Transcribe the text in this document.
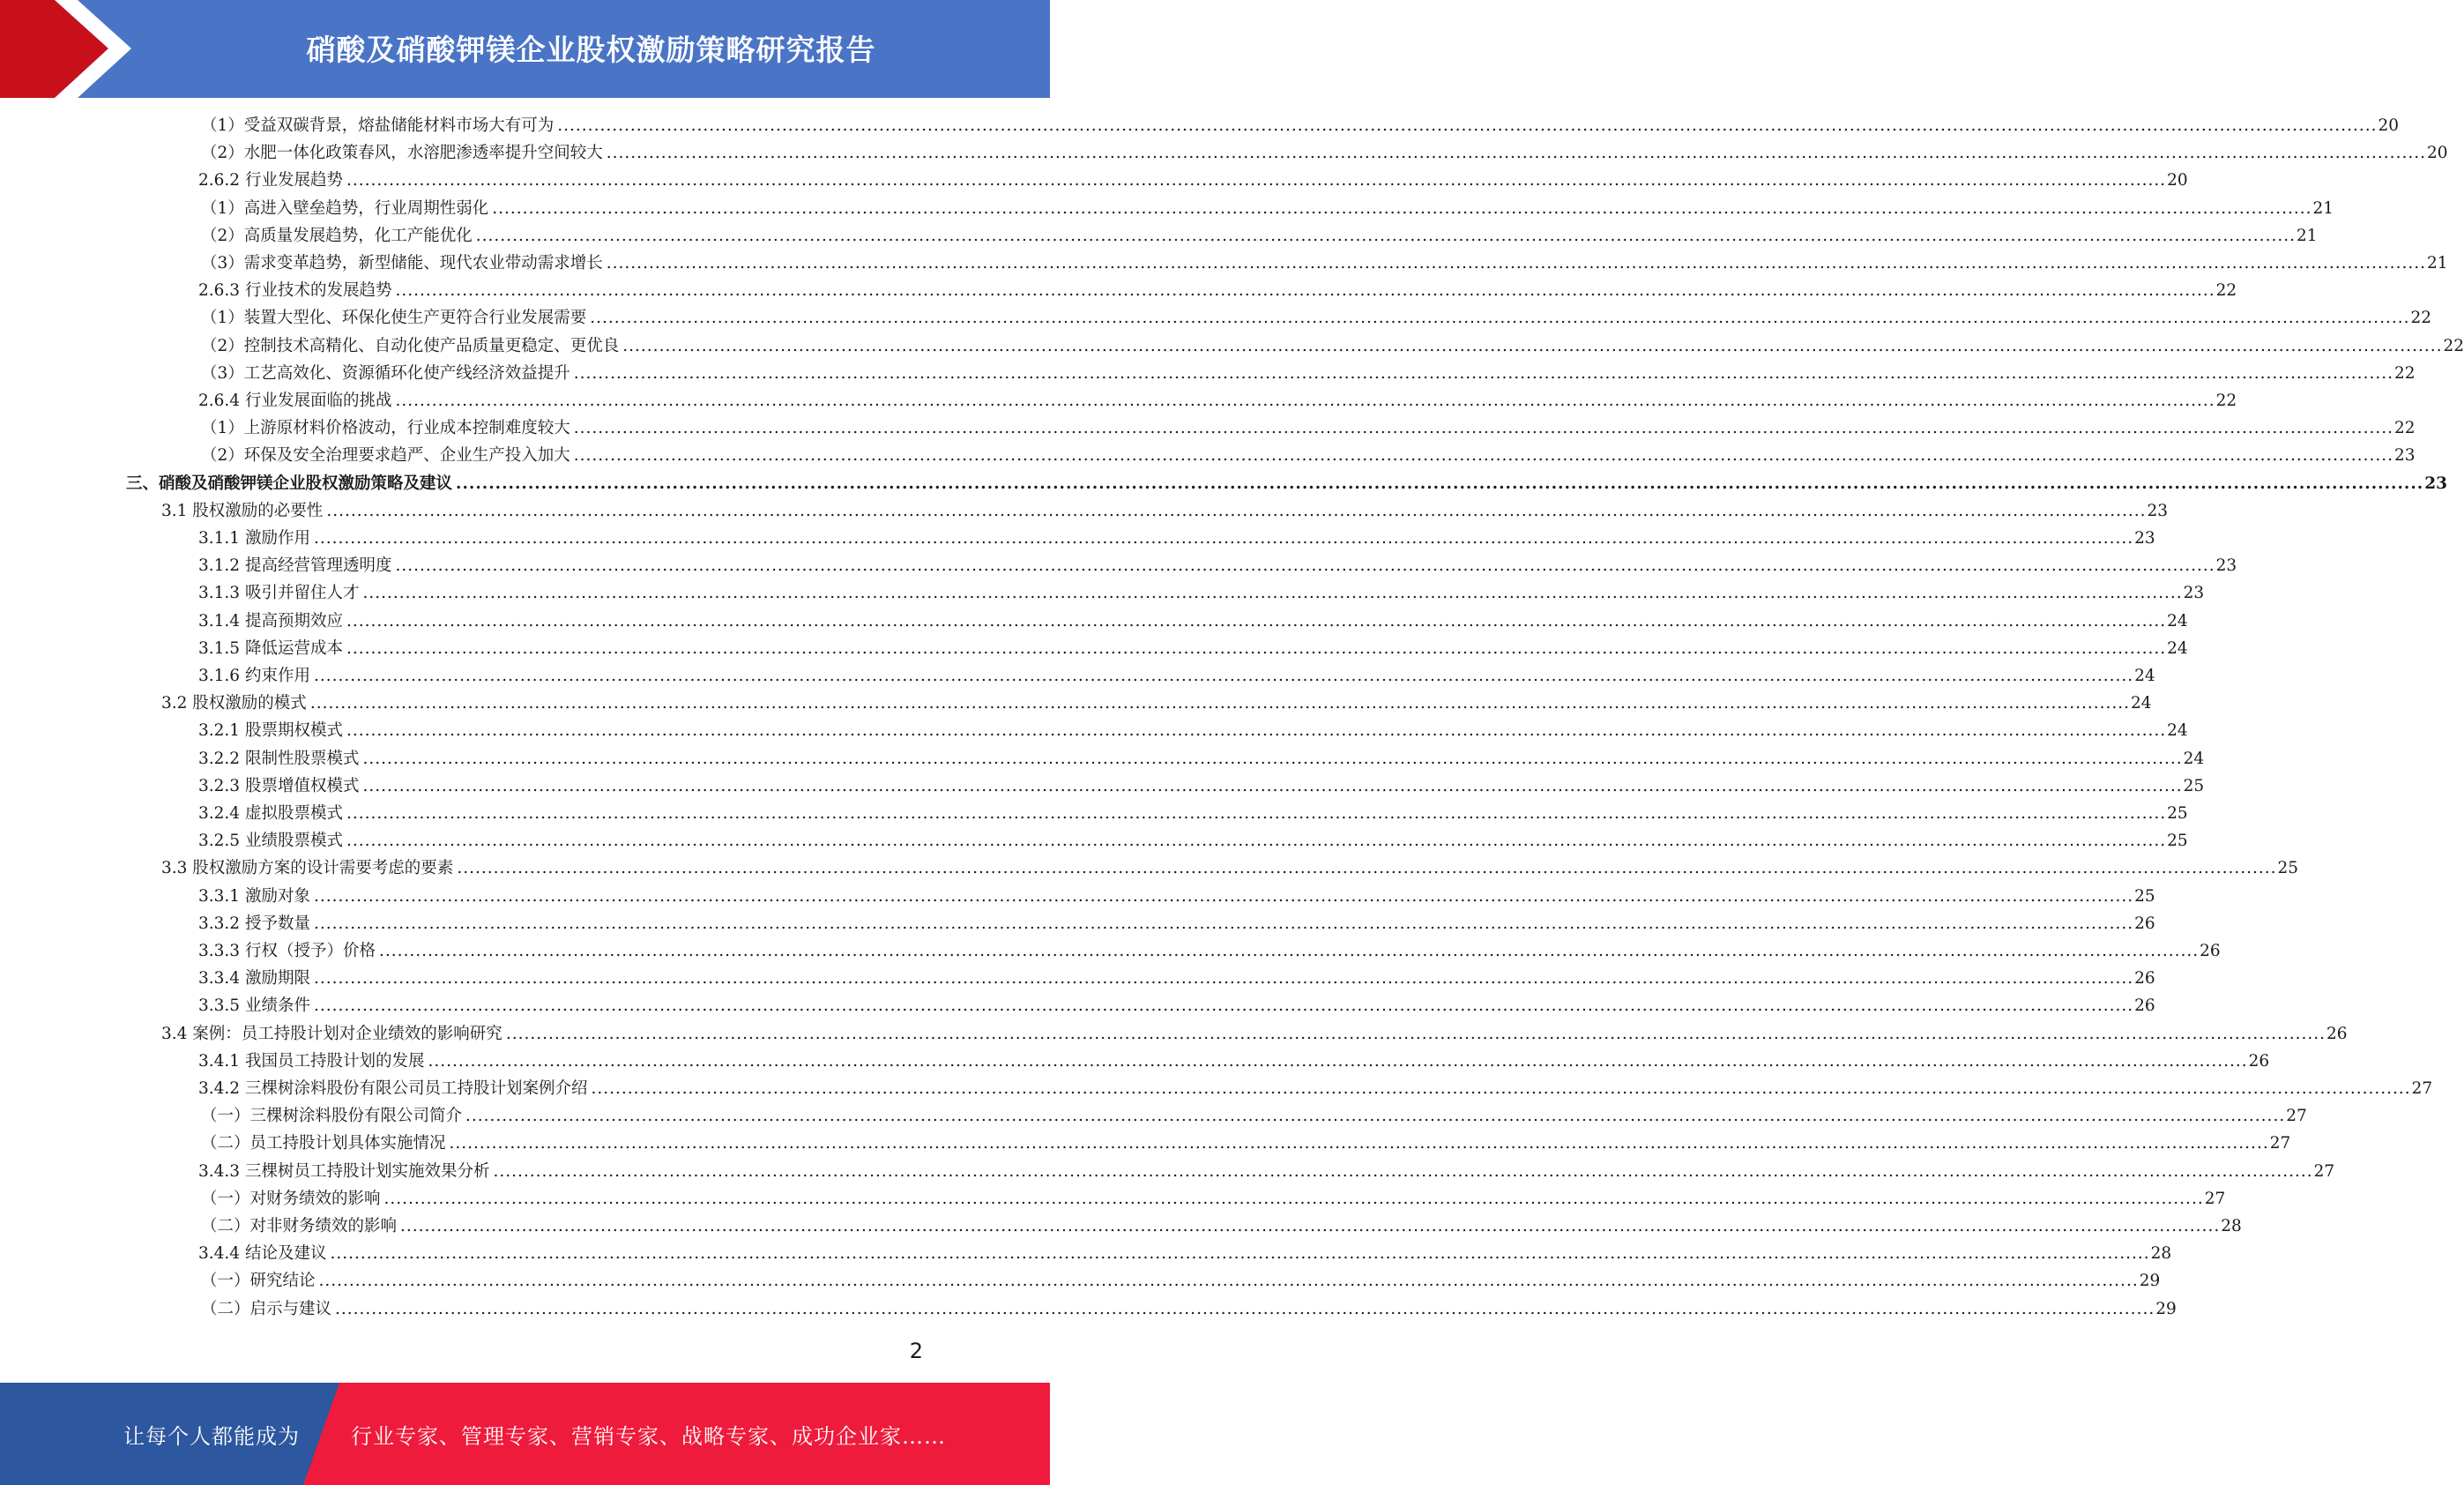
硝酸及硝酸钾镁企业股权激励策略研究报告
（1）受益双碳背景，熔盐储能材料市场大有可为 ............................................................................................................................................................................................................................................................................................................ 20
（2）水肥一体化政策春风，水溶肥渗透率提升空间较大 ............................................................................................................................................................................................................................................................................................................ 20
2.6.2 行业发展趋势 ............................................................................................................................................................................................................................................................................................................ 20
（1）高进入壁垒趋势，行业周期性弱化 ............................................................................................................................................................................................................................................................................................................ 21
（2）高质量发展趋势，化工产能优化 ............................................................................................................................................................................................................................................................................................................ 21
（3）需求变革趋势，新型储能、现代农业带动需求增长 ............................................................................................................................................................................................................................................................................................................ 21
2.6.3 行业技术的发展趋势 ............................................................................................................................................................................................................................................................................................................ 22
（1）装置大型化、环保化使生产更符合行业发展需要 ............................................................................................................................................................................................................................................................................................................ 22
（2）控制技术高精化、自动化使产品质量更稳定、更优良 ............................................................................................................................................................................................................................................................................................................ 22
（3）工艺高效化、资源循环化使产线经济效益提升 ............................................................................................................................................................................................................................................................................................................ 22
2.6.4 行业发展面临的挑战 ............................................................................................................................................................................................................................................................................................................ 22
（1）上游原材料价格波动，行业成本控制难度较大 ............................................................................................................................................................................................................................................................................................................ 22
（2）环保及安全治理要求趋严、企业生产投入加大 ............................................................................................................................................................................................................................................................................................................ 23
三、硝酸及硝酸钾镁企业股权激励策略及建议 ............................................................................................................................................................................................................................................................................................................ 23
3.1 股权激励的必要性 ............................................................................................................................................................................................................................................................................................................ 23
3.1.1 激励作用 ............................................................................................................................................................................................................................................................................................................ 23
3.1.2 提高经营管理透明度 ............................................................................................................................................................................................................................................................................................................ 23
3.1.3 吸引并留住人才 ............................................................................................................................................................................................................................................................................................................ 23
3.1.4 提高预期效应 ............................................................................................................................................................................................................................................................................................................ 24
3.1.5 降低运营成本 ............................................................................................................................................................................................................................................................................................................ 24
3.1.6 约束作用 ............................................................................................................................................................................................................................................................................................................ 24
3.2 股权激励的模式 ............................................................................................................................................................................................................................................................................................................ 24
3.2.1 股票期权模式 ............................................................................................................................................................................................................................................................................................................ 24
3.2.2 限制性股票模式 ............................................................................................................................................................................................................................................................................................................ 24
3.2.3 股票增值权模式 ............................................................................................................................................................................................................................................................................................................ 25
3.2.4 虚拟股票模式 ............................................................................................................................................................................................................................................................................................................ 25
3.2.5 业绩股票模式 ............................................................................................................................................................................................................................................................................................................ 25
3.3 股权激励方案的设计需要考虑的要素 ............................................................................................................................................................................................................................................................................................................ 25
3.3.1 激励对象 ............................................................................................................................................................................................................................................................................................................ 25
3.3.2 授予数量 ............................................................................................................................................................................................................................................................................................................ 26
3.3.3 行权（授予）价格 ............................................................................................................................................................................................................................................................................................................ 26
3.3.4 激励期限 ............................................................................................................................................................................................................................................................................................................ 26
3.3.5 业绩条件 ............................................................................................................................................................................................................................................................................................................ 26
3.4 案例：员工持股计划对企业绩效的影响研究 ............................................................................................................................................................................................................................................................................................................ 26
3.4.1 我国员工持股计划的发展 ............................................................................................................................................................................................................................................................................................................ 26
3.4.2 三棵树涂料股份有限公司员工持股计划案例介绍 ............................................................................................................................................................................................................................................................................................................ 27
（一）三棵树涂料股份有限公司简介 ............................................................................................................................................................................................................................................................................................................ 27
（二）员工持股计划具体实施情况 ............................................................................................................................................................................................................................................................................................................ 27
3.4.3 三棵树员工持股计划实施效果分析 ............................................................................................................................................................................................................................................................................................................ 27
（一）对财务绩效的影响 ............................................................................................................................................................................................................................................................................................................ 27
（二）对非财务绩效的影响 ............................................................................................................................................................................................................................................................................................................ 28
3.4.4 结论及建议 ............................................................................................................................................................................................................................................................................................................ 28
（一）研究结论 ............................................................................................................................................................................................................................................................................................................ 29
（二）启示与建议 ............................................................................................................................................................................................................................................................................................................ 29
2
让每个人都能成为 行业专家、管理专家、营销专家、战略专家、成功企业家……
